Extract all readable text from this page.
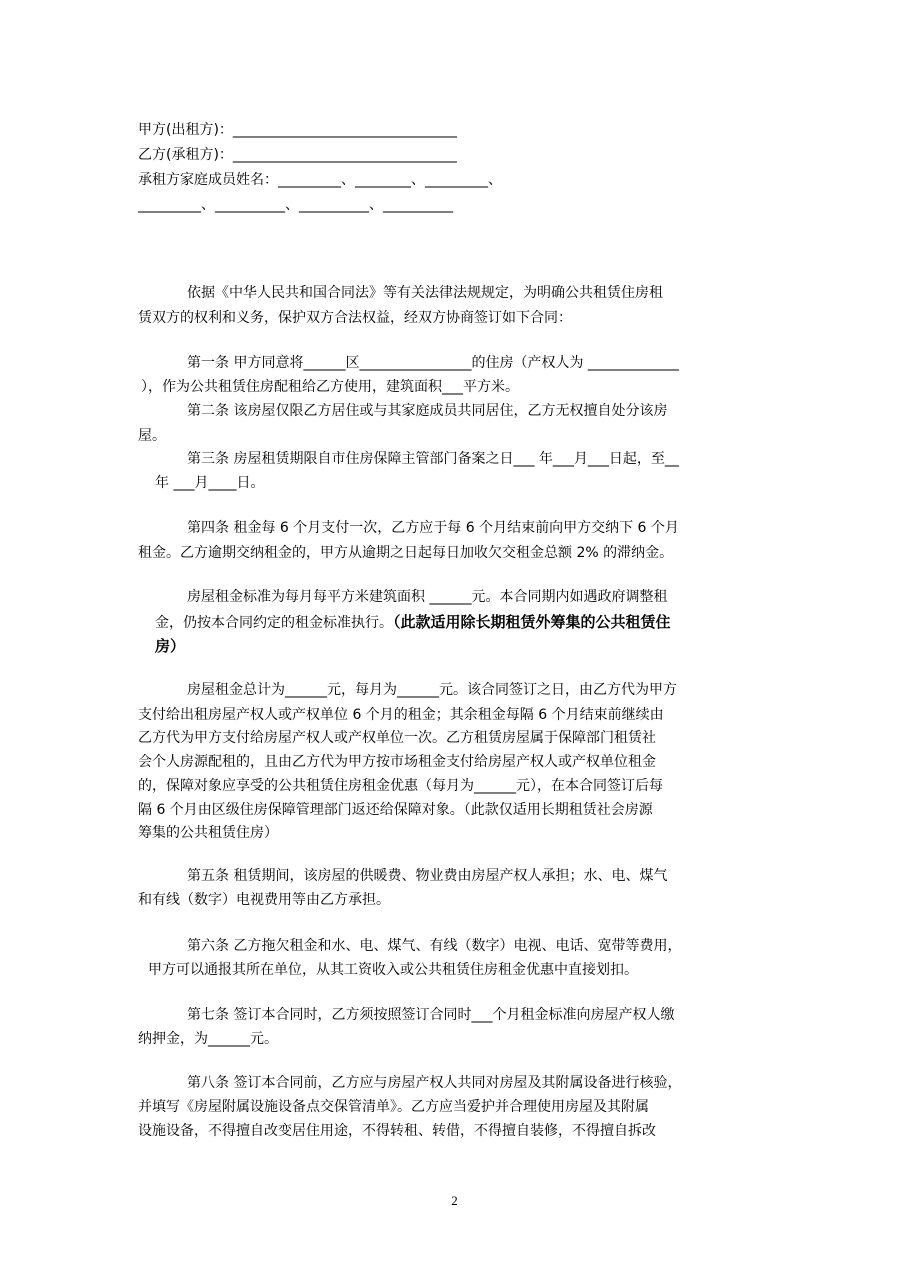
甲方(出租方)：________________________________
乙方(承租方)：________________________________
承租方家庭成员姓名：_________、________、_________、
_________、__________、__________、__________
依据《中华人民共和国合同法》等有关法律法规规定，为明确公共租赁住房租
赁双方的权利和义务，保护双方合法权益，经双方协商签订如下合同：
第一条 甲方同意将______区________________的住房（产权人为 _____________
），作为公共租赁住房配租给乙方使用，建筑面积___平方米。
第二条 该房屋仅限乙方居住或与其家庭成员共同居住，乙方无权擅自处分该房
屋。
第三条 房屋租赁期限自市住房保障主管部门备案之日___ 年___月___日起，至__
年 ___月____日。
第四条 租金每 6 个月支付一次，乙方应于每 6 个月结束前向甲方交纳下 6 个月
租金。乙方逾期交纳租金的，甲方从逾期之日起每日加收欠交租金总额 2% 的滞纳金。
房屋租金标准为每月每平方米建筑面积 ______元。本合同期内如遇政府调整租
金，仍按本合同约定的租金标准执行。（此款适用除长期租赁外筹集的公共租赁住
房）
房屋租金总计为______元，每月为______元。该合同签订之日，由乙方代为甲方
支付给出租房屋产权人或产权单位 6 个月的租金；其余租金每隔 6 个月结束前继续由
乙方代为甲方支付给房屋产权人或产权单位一次。乙方租赁房屋属于保障部门租赁社
会个人房源配租的，且由乙方代为甲方按市场租金支付给房屋产权人或产权单位租金
的，保障对象应享受的公共租赁住房租金优惠（每月为______元），在本合同签订后每
隔 6 个月由区级住房保障管理部门返还给保障对象。（此款仅适用长期租赁社会房源
筹集的公共租赁住房）
第五条 租赁期间，该房屋的供暖费、物业费由房屋产权人承担；水、电、煤气
和有线（数字）电视费用等由乙方承担。
第六条 乙方拖欠租金和水、电、煤气、有线（数字）电视、电话、宽带等费用，
甲方可以通报其所在单位，从其工资收入或公共租赁住房租金优惠中直接划扣。
第七条 签订本合同时，乙方须按照签订合同时___个月租金标准向房屋产权人缴
纳押金，为______元。
第八条 签订本合同前，乙方应与房屋产权人共同对房屋及其附属设备进行核验，
并填写《房屋附属设施设备点交保管清单》。乙方应当爱护并合理使用房屋及其附属
设施设备，不得擅自改变居住用途，不得转租、转借，不得擅自装修，不得擅自拆改
2
